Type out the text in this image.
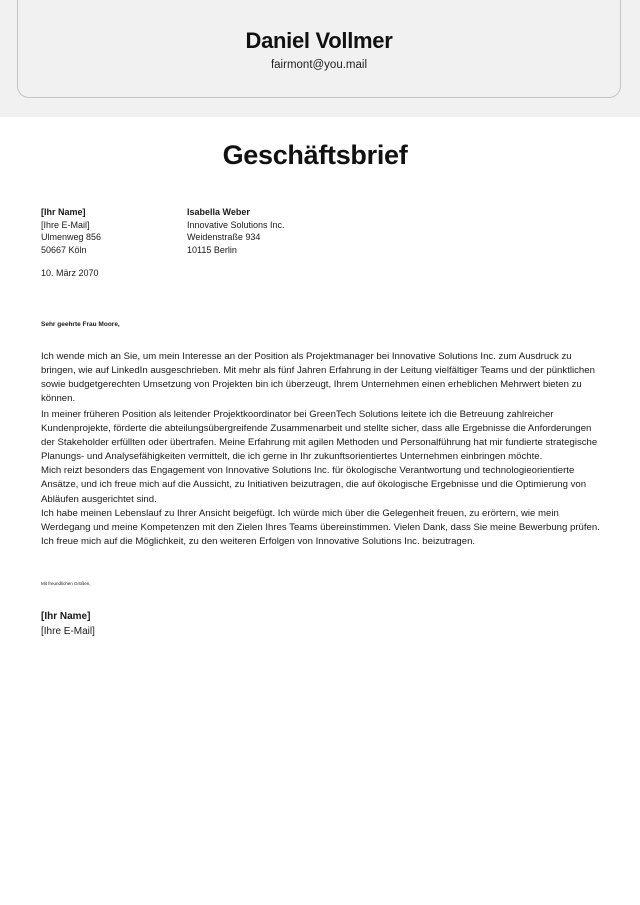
Daniel Vollmer
fairmont@you.mail
Geschäftsbrief
[Ihr Name]
[Ihre E-Mail]
Ulmenweg 856
50667 Köln
Isabella Weber
Innovative Solutions Inc.
Weidenstraße 934
10115 Berlin
10. März 2070
Sehr geehrte Frau Moore,

Ich wende mich an Sie, um mein Interesse an der Position als Projektmanager bei Innovative Solutions Inc. zum Ausdruck zu bringen, wie auf LinkedIn ausgeschrieben. Mit mehr als fünf Jahren Erfahrung in der Leitung vielfältiger Teams und der pünktlichen sowie budgetgerechten Umsetzung von Projekten bin ich überzeugt, Ihrem Unternehmen einen erheblichen Mehrwert bieten zu können.

In meiner früheren Position als leitender Projektkoordinator bei GreenTech Solutions leitete ich die Betreuung zahlreicher Kundenprojekte, förderte die abteilungsübergreifende Zusammenarbeit und stellte sicher, dass alle Ergebnisse die Anforderungen der Stakeholder erfüllten oder übertrafen. Meine Erfahrung mit agilen Methoden und Personalführung hat mir fundierte strategische Planungs- und Analysefähigkeiten vermittelt, die ich gerne in Ihr zukunftsorientiertes Unternehmen einbringen möchte.
Mich reizt besonders das Engagement von Innovative Solutions Inc. für ökologische Verantwortung und technologieorientierte Ansätze, und ich freue mich auf die Aussicht, zu Initiativen beizutragen, die auf ökologische Ergebnisse und die Optimierung von Abläufen ausgerichtet sind.
Ich habe meinen Lebenslauf zu Ihrer Ansicht beigefügt. Ich würde mich über die Gelegenheit freuen, zu erörtern, wie mein Werdegang und meine Kompetenzen mit den Zielen Ihres Teams übereinstimmen. Vielen Dank, dass Sie meine Bewerbung prüfen. Ich freue mich auf die Möglichkeit, zu den weiteren Erfolgen von Innovative Solutions Inc. beizutragen.
Mit freundlichen Grüßen,
[Ihr Name]
[Ihre E-Mail]
